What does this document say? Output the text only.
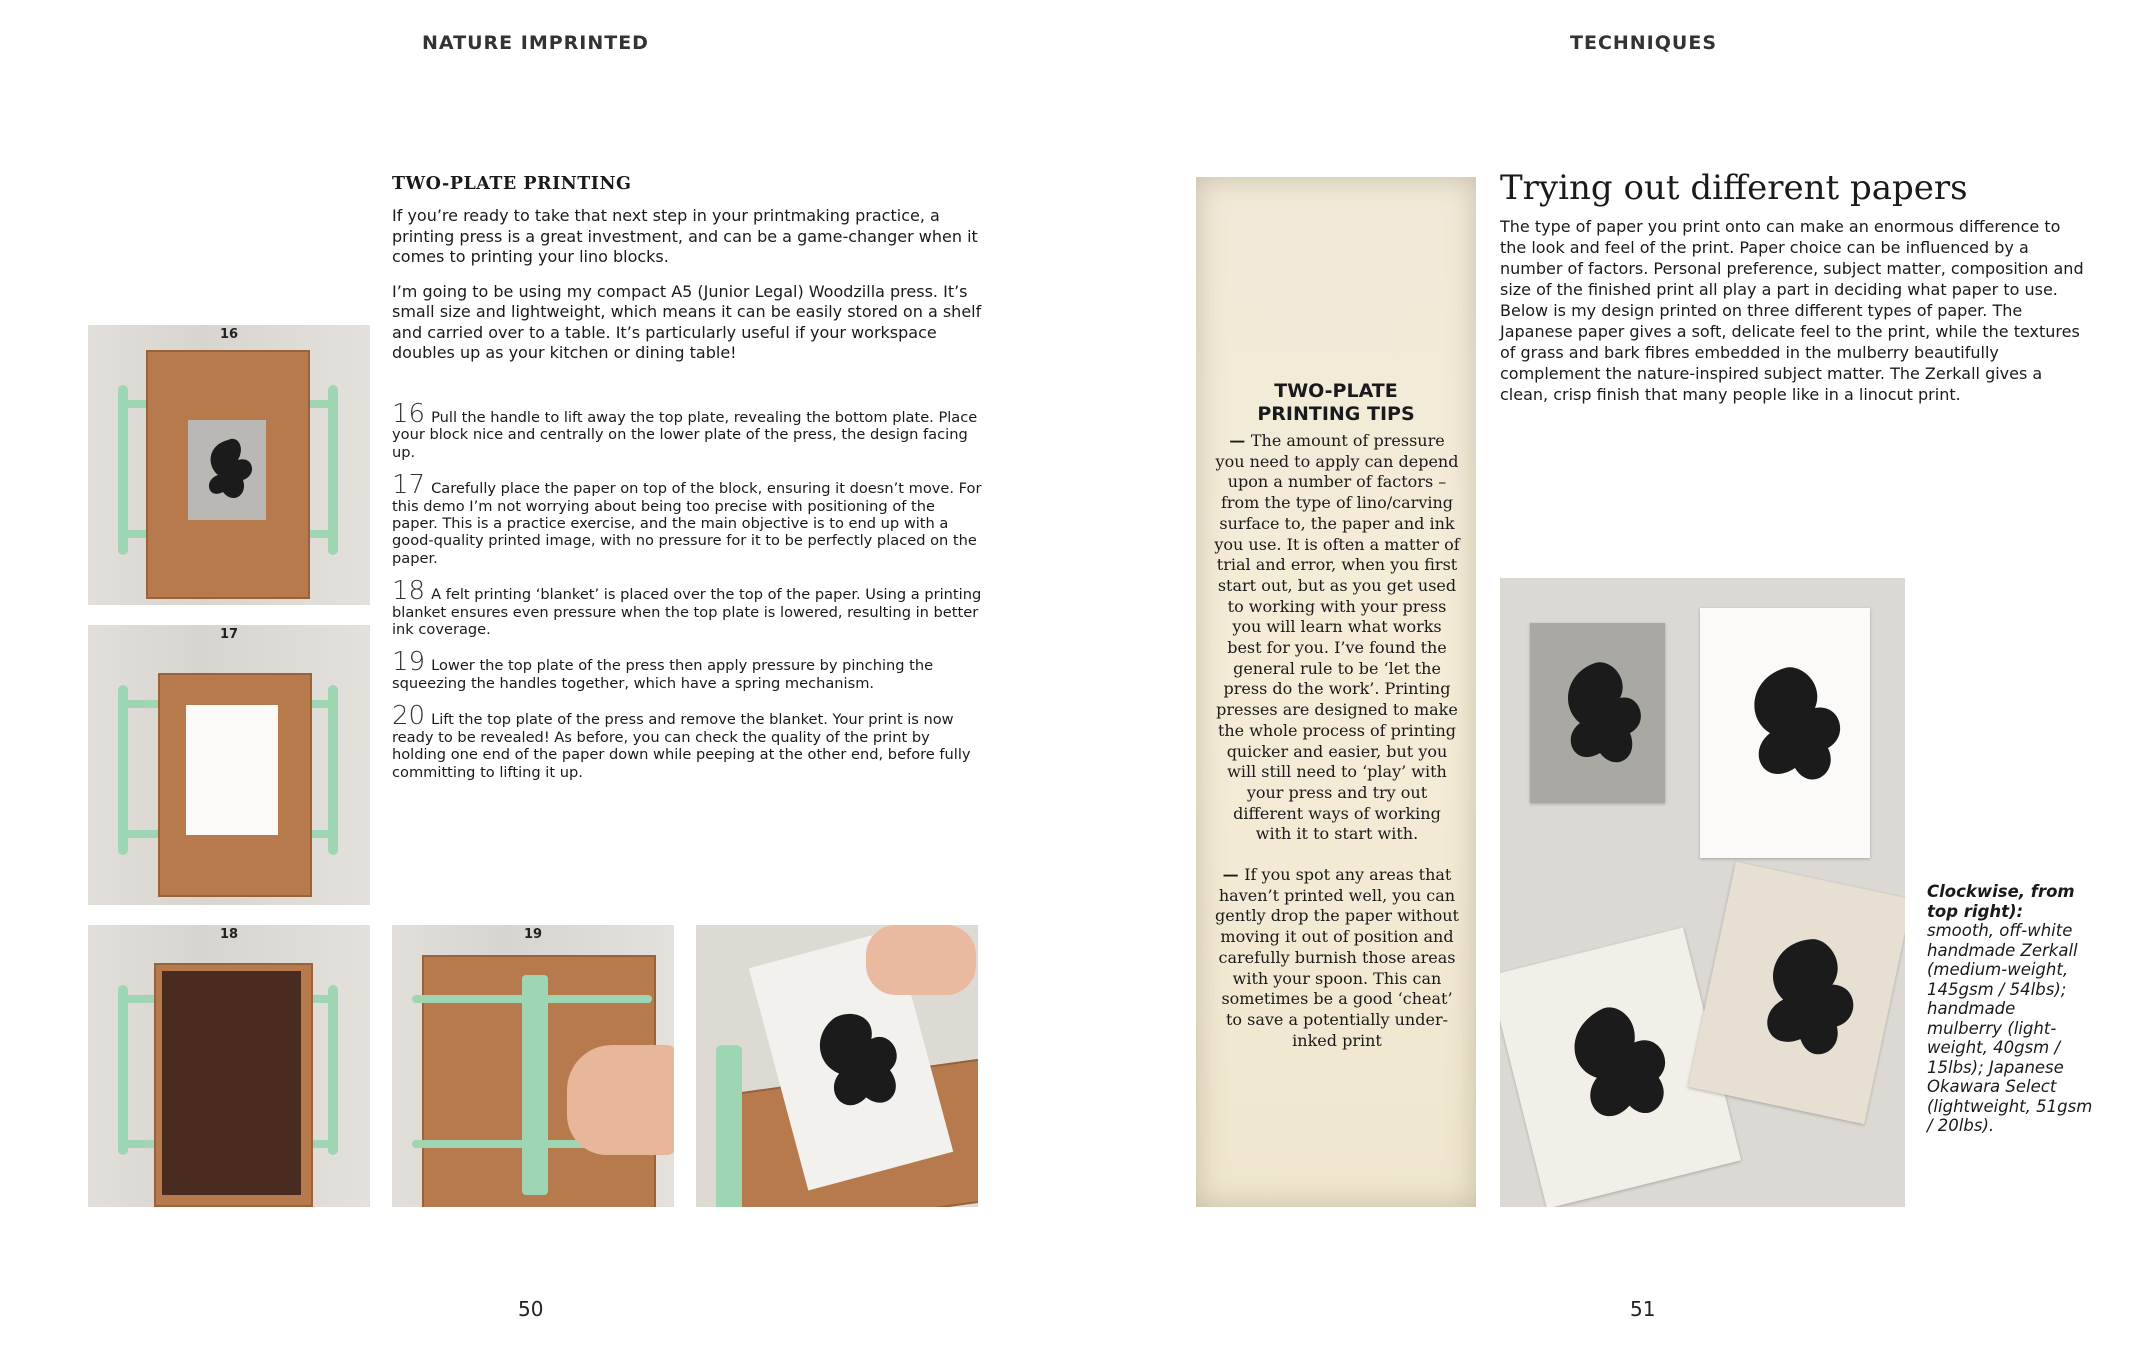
NATURE IMPRINTED	TECHNIQUES
TWO-PLATE PRINTING

If you’re ready to take that next step in your printmaking practice, a printing press is a great investment, and can be a game-changer when it comes to printing your lino blocks.

I’m going to be using my compact A5 (Junior Legal) Woodzilla press. It’s small size and lightweight, which means it can be easily stored on a shelf and carried over to a table. It’s particularly useful if your workspace doubles up as your kitchen or dining table!

16 Pull the handle to lift away the top plate, revealing the bottom plate. Place your block nice and centrally on the lower plate of the press, the design facing up.
17 Carefully place the paper on top of the block, ensuring it doesn’t move. For this demo I’m not worrying about being too precise with positioning of the paper. This is a practice exercise, and the main objective is to end up with a good-quality printed image, with no pressure for it to be perfectly placed on the paper.
18 A felt printing ‘blanket’ is placed over the top of the paper. Using a printing blanket ensures even pressure when the top plate is lowered, resulting in better ink coverage.
19 Lower the top plate of the press then apply pressure by pinching the squeezing the handles together, which have a spring mechanism.
20 Lift the top plate of the press and remove the blanket. Your print is now ready to be revealed! As before, you can check the quality of the print by holding one end of the paper down while peeping at the other end, before fully committing to lifting it up.
16
17
18	19
50
TWO-PLATE PRINTING TIPS

— The amount of pressure you need to apply can depend upon a number of factors – from the type of lino/carving surface to, the paper and ink you use. It is often a matter of trial and error, when you first start out, but as you get used to working with your press you will learn what works best for you. I’ve found the general rule to be ‘let the press do the work’. Printing presses are designed to make the whole process of printing quicker and easier, but you will still need to ‘play’ with your press and try out different ways of working with it to start with.

— If you spot any areas that haven’t printed well, you can gently drop the paper without moving it out of position and carefully burnish those areas with your spoon. This can sometimes be a good ‘cheat’ to save a potentially under-inked print

Trying out different papers
The type of paper you print onto can make an enormous difference to the look and feel of the print. Paper choice can be influenced by a number of factors. Personal preference, subject matter, composition and size of the finished print all play a part in deciding what paper to use. Below is my design printed on three different types of paper. The Japanese paper gives a soft, delicate feel to the print, while the textures of grass and bark fibres embedded in the mulberry beautifully complement the nature-inspired subject matter. The Zerkall gives a clean, crisp finish that many people like in a linocut print.
Clockwise, from top right): smooth, off-white handmade Zerkall (medium-weight, 145gsm / 54lbs); handmade mulberry (light-weight, 40gsm / 15lbs); Japanese Okawara Select (lightweight, 51gsm / 20lbs).
51
